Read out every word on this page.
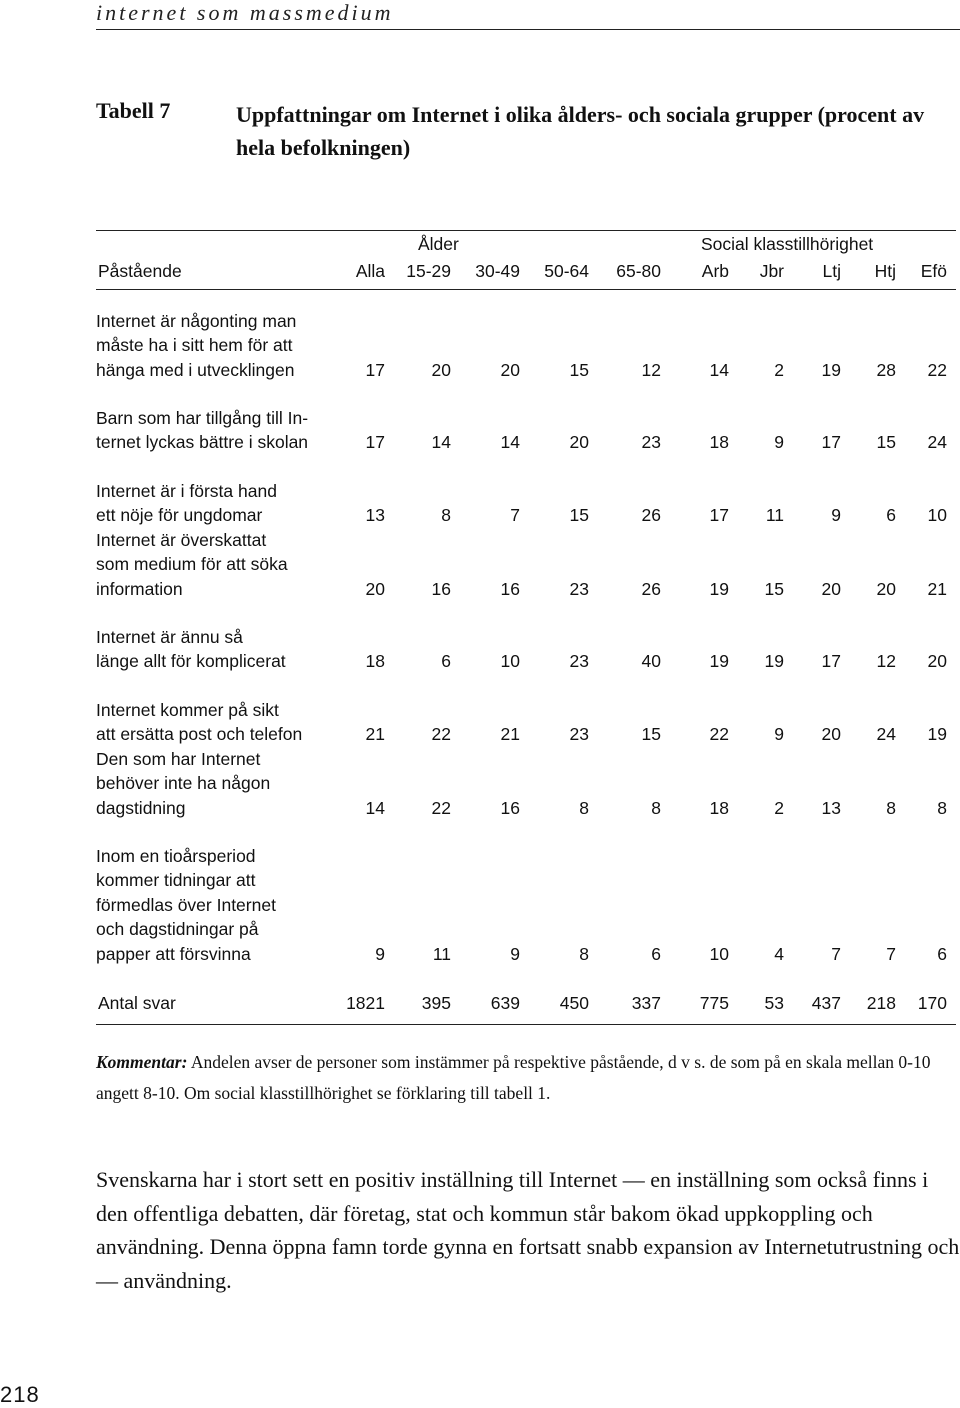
internet som massmedium
Tabell 7	Uppfattningar om Internet i olika ålders- och sociala grupper (procent av hela befolkningen)
Ålder	Social klasstillhörighet
Påstående	Alla	15-29	30-49	50-64	65-80	Arb	Jbr	Ltj	Htj	Efö
Internet är någonting man
måste ha i sitt hem för att
hänga med i utvecklingen	17	20	20	15	12	14	2	19	28	22
Barn som har tillgång till In-
ternet lyckas bättre i skolan	17	14	14	20	23	18	9	17	15	24
Internet är i första hand
ett nöje för ungdomar	13	8	7	15	26	17	11	9	6	10
Internet är överskattat
som medium för att söka
information	20	16	16	23	26	19	15	20	20	21
Internet är ännu så
länge allt för komplicerat	18	6	10	23	40	19	19	17	12	20
Internet kommer på sikt
att ersätta post och telefon	21	22	21	23	15	22	9	20	24	19
Den som har Internet
behöver inte ha någon
dagstidning	14	22	16	8	8	18	2	13	8	8
Inom en tioårsperiod
kommer tidningar att
förmedlas över Internet
och dagstidningar på
papper att försvinna	9	11	9	8	6	10	4	7	7	6
Antal svar	1821	395	639	450	337	775	53	437	218	170
Kommentar: Andelen avser de personer som instämmer på respektive påstående, d v s. de som på en skala mellan 0-10 angett 8-10. Om social klasstillhörighet se förklaring till tabell 1.
Svenskarna har i stort sett en positiv inställning till Internet — en inställning som också finns i den offentliga debatten, där företag, stat och kommun står bakom ökad uppkoppling och användning. Denna öppna famn torde gynna en fortsatt snabb expansion av Internetutrustning och — användning.
218
